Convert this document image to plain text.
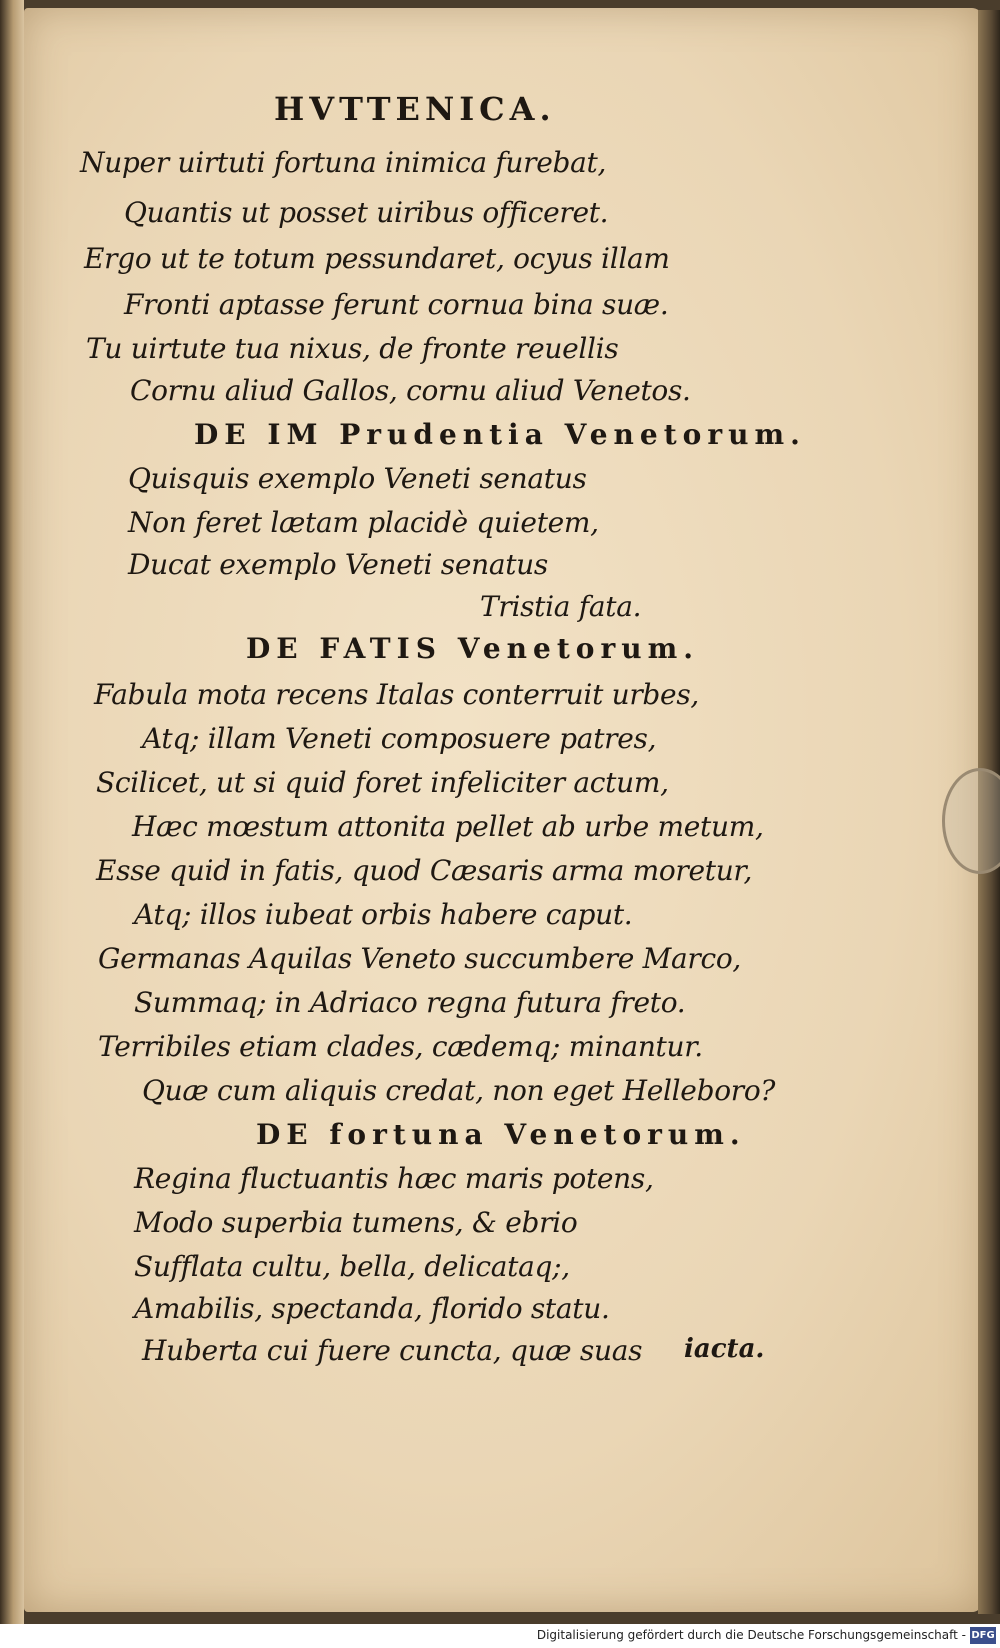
HVTTENICA.
Nuper uirtuti fortuna inimica furebat,
Quantis ut posset uiribus officeret.
Ergo ut te totum pessundaret, ocyus illam
Fronti aptasse ferunt cornua bina suæ.
Tu uirtute tua nixus, de fronte reuellis
Cornu aliud Gallos, cornu aliud Venetos.
DE IM Prudentia Venetorum.
Quisquis exemplo Veneti senatus
Non feret lætam placidè quietem,
Ducat exemplo Veneti senatus
Tristia fata.
DE FATIS Venetorum.
Fabula mota recens Italas conterruit urbes,
Atq; illam Veneti composuere patres,
Scilicet, ut si quid foret infeliciter actum,
Hæc mœstum attonita pellet ab urbe metum,
Esse quid in fatis, quod Cæsaris arma moretur,
Atq; illos iubeat orbis habere caput.
Germanas Aquilas Veneto succumbere Marco,
Summaq; in Adriaco regna futura freto.
Terribiles etiam clades, cædemq; minantur.
Quæ cum aliquis credat, non eget Helleboro?
DE fortuna Venetorum.
Regina fluctuantis hæc maris potens,
Modo superbia tumens, & ebrio
Sufflata cultu, bella, delicataq;,
Amabilis, spectanda, florido statu.
Huberta cui fuere cuncta, quæ suas iacta.
Digitalisierung gefördert durch die Deutsche Forschungsgemeinschaft - DFG
